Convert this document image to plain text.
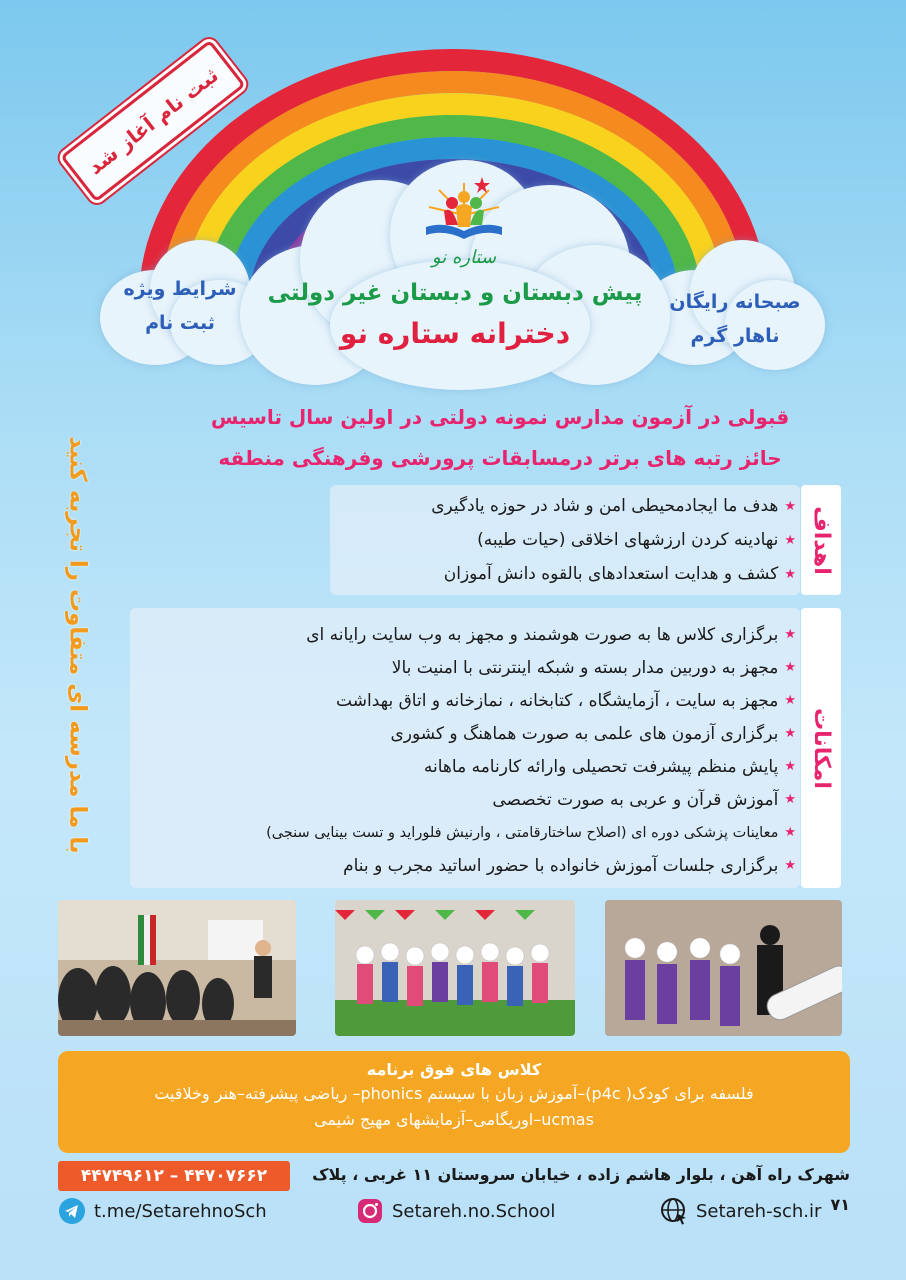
ثبت نام آغاز شد
ستاره نو
پیش دبستان و دبستان غیر دولتی
دخترانه ستاره نو
شرایط ویژه
ثبت نام
صبحانه رایگان
ناهار گرم
قبولی در آزمون مدارس نمونه دولتی در اولین سال تاسیس
حائز رتبه های برتر درمسابقات پرورشی وفرهنگی منطقه
با ما مدرسه ای متفاوت را تجربه کنید	اهداف
★
هدف ما ایجادمحیطی امن و شاد در حوزه یادگیری
★
نهادینه کردن ارزشهای اخلاقی (حیات طیبه)
★
کشف و هدایت استعدادهای بالقوه دانش آموزان
امکانات
★
برگزاری کلاس ها به صورت هوشمند و مجهز به وب سایت رایانه ای
★
مجهز به دوربین مدار بسته و شبکه اینترنتی با امنیت بالا
★
مجهز به سایت ، آزمایشگاه ، کتابخانه ، نمازخانه و اتاق بهداشت
★
برگزاری آزمون های علمی به صورت هماهنگ و کشوری
★
پایش منظم پیشرفت تحصیلی وارائه کارنامه ماهانه
★
آموزش قرآن و عربی به صورت تخصصی
★
معاینات پزشکی دوره ای (اصلاح ساختارقامتی ، وارنیش فلوراید و تست بینایی سنجی)
★
برگزاری جلسات آموزش خانواده با حضور اساتید مجرب و بنام
کلاس های فوق برنامه
فلسفه برای کودک( p4c)–آموزش زبان با سیستم phonics– ریاضی پیشرفته–هنر وخلاقیت
ucmas–اوریگامی–آزمایشهای مهیج شیمی
۴۴۷۴۹۶۱۲ – ۴۴۷۰۷۶۶۲	شهرک راه آهن ، بلوار هاشم زاده ، خیابان سروستان ۱۱ غربی ، پلاک ۷۱
t.me/SetarehnoSch	Setareh.no.School	Setareh-sch.ir
